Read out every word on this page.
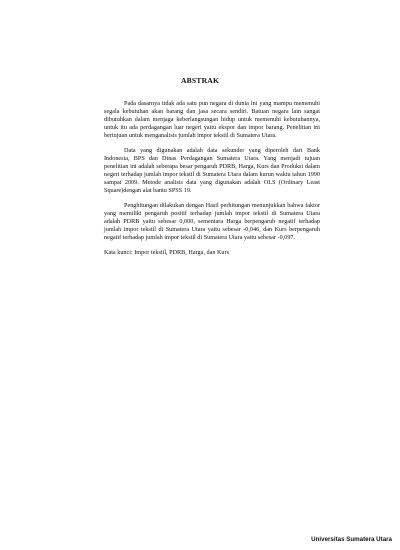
ABSTRAK

Pada dasarnya tidak ada satu pun negara di dunia ini yang mampu memenuhi segala kebutuhan akan barang dan jasa secara sendiri. Batuan negara lain sangat dibutuhkan dalam menjaga keberlangsungan hidup untuk memenuhi kebutuhannya, untuk itu ada perdagangan luar negeri yaitu ekspor dan impor barang. Penelitian ini bertujuan untuk menganalisis jumlah impor tekstil di Sumatera Utara.

Data yang digunakan adalah data sekunder yang diperoleh dari Bank Indonesia, BPS dan Dinas Perdagangan Sumatera Utara. Yang menjadi tujuan penelitian ini adalah seberapa besar pengaruh PDRB, Harga, Kurs dan Produksi dalam negeri terhadap jumlah impor tekstil di Sumatera Utara dalam kurun waktu tahun 1990 sampai 2009. Metode analisis data yang digunakan adalah OLS (Ordinary Least Square)dengan alat bantu SPSS 19.

Penghitungan dilakukan dengan Hasil perhitungan menunjukkan bahwa faktor yang memiliki pengaruh positif terhadap jumlah impor tekstil di Sumatera Utara adalah PDRB yaitu sebesar 0,000, sementara Harga berpengaruh negatif terhadap jumlah impor tekstil di Sumatera Utara yaitu sebesar -0,046, dan Kurs berpengaruh negatif terhadap jumlah impor tekstil di Sumatera Utara yaitu sebesar -0,097.

Kata kunci: Impor tekstil, PDRB, Harga, dan Kurs

Universitas Sumatera Utara
